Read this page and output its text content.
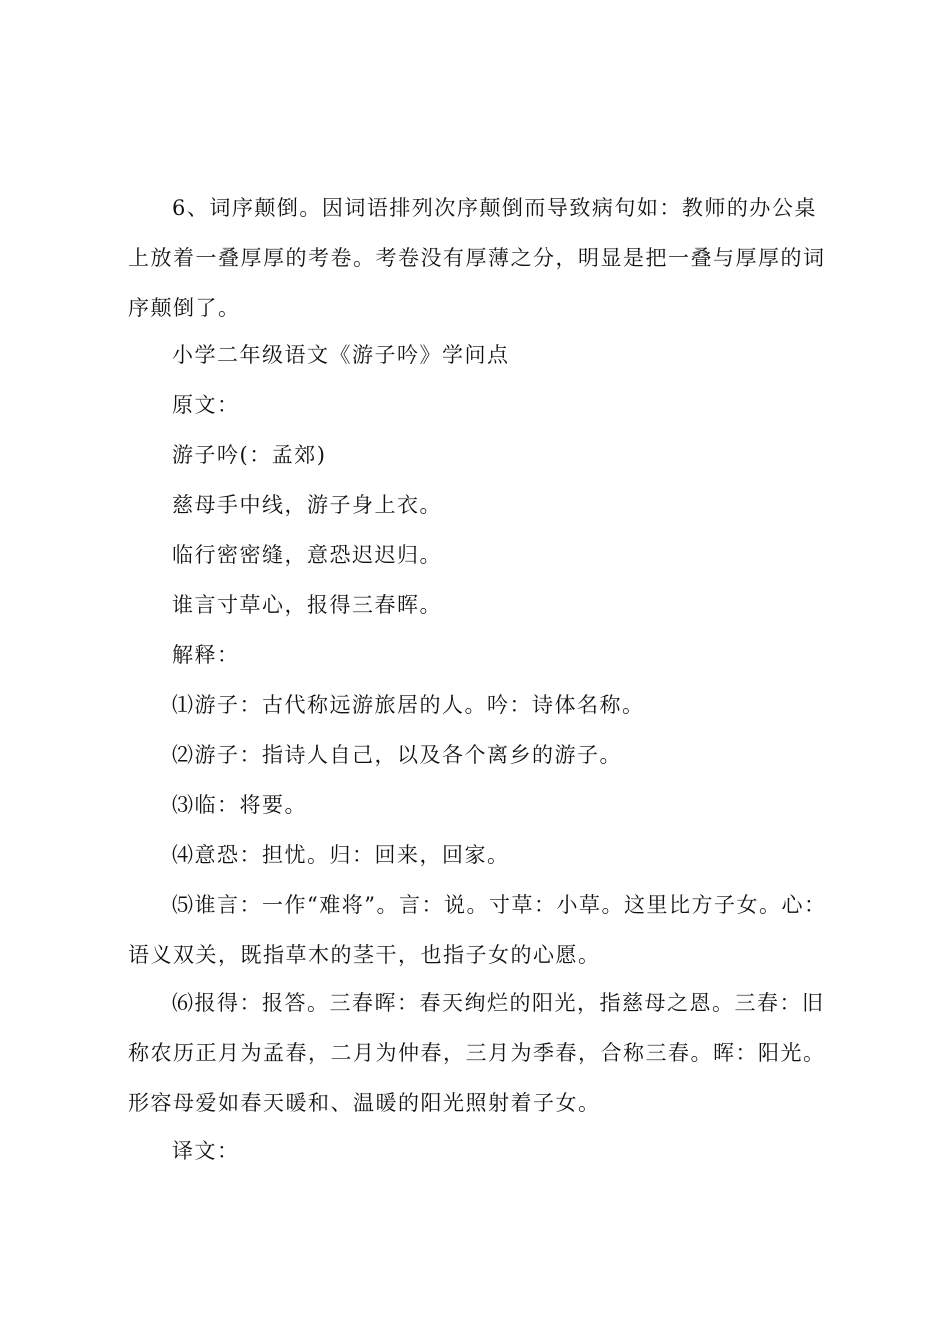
6、词序颠倒。因词语排列次序颠倒而导致病句如：教师的办公桌上放着一叠厚厚的考卷。考卷没有厚薄之分，明显是把一叠与厚厚的词序颠倒了。

小学二年级语文《游子吟》学问点

原文：

游子吟(：孟郊)

慈母手中线，游子身上衣。

临行密密缝，意恐迟迟归。

谁言寸草心，报得三春晖。

解释：

⑴游子：古代称远游旅居的人。吟：诗体名称。

⑵游子：指诗人自己，以及各个离乡的游子。

⑶临：将要。

⑷意恐：担忧。归：回来，回家。

⑸谁言：一作“难将”。言：说。寸草：小草。这里比方子女。心：语义双关，既指草木的茎干，也指子女的心愿。

⑹报得：报答。三春晖：春天绚烂的阳光，指慈母之恩。三春：旧称农历正月为孟春，二月为仲春，三月为季春，合称三春。晖：阳光。形容母爱如春天暖和、温暖的阳光照射着子女。

译文：
